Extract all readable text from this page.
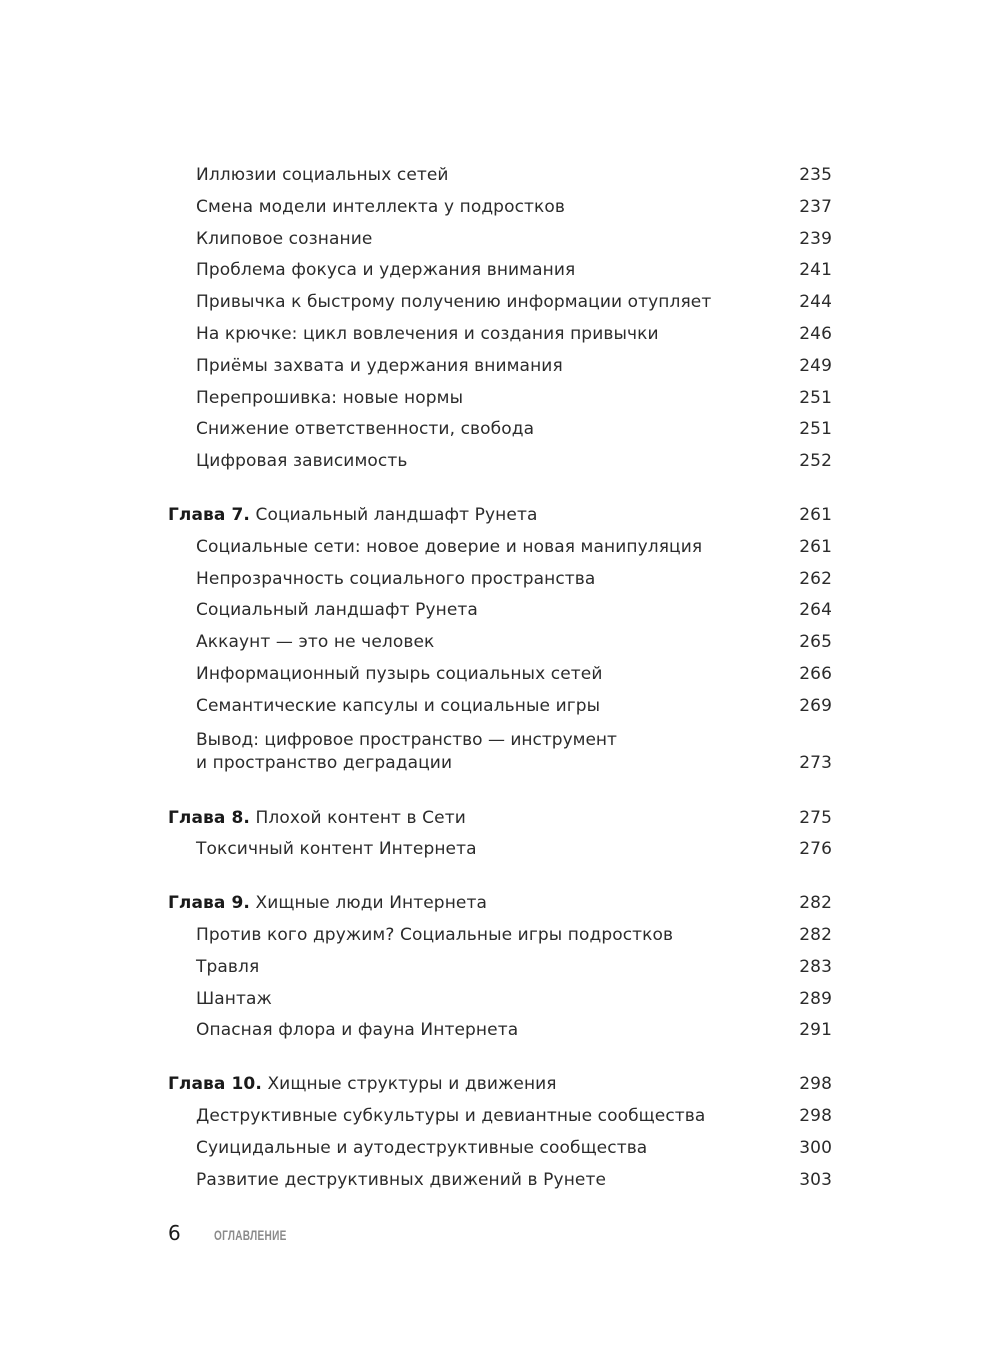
Иллюзии социальных сетей	235
Смена модели интеллекта у подростков	237
Клиповое сознание	239
Проблема фокуса и удержания внимания	241
Привычка к быстрому получению информации отупляет	244
На крючке: цикл вовлечения и создания привычки	246
Приёмы захвата и удержания внимания	249
Перепрошивка: новые нормы	251
Снижение ответственности, свобода	251
Цифровая зависимость	252
Глава 7. Социальный ландшафт Рунета	261
Социальные сети: новое доверие и новая манипуляция	261
Непрозрачность социального пространства	262
Социальный ландшафт Рунета	264
Аккаунт — это не человек	265
Информационный пузырь социальных сетей	266
Семантические капсулы и социальные игры	269
Вывод: цифровое пространство — инструмент
и пространство деградации	273
Глава 8. Плохой контент в Сети	275
Токсичный контент Интернета	276
Глава 9. Хищные люди Интернета	282
Против кого дружим? Социальные игры подростков	282
Травля	283
Шантаж	289
Опасная флора и фауна Интернета	291
Глава 10. Хищные структуры и движения	298
Деструктивные субкультуры и девиантные сообщества	298
Суицидальные и аутодеструктивные сообщества	300
Развитие деструктивных движений в Рунете	303
6	ОГЛАВЛЕНИЕ
